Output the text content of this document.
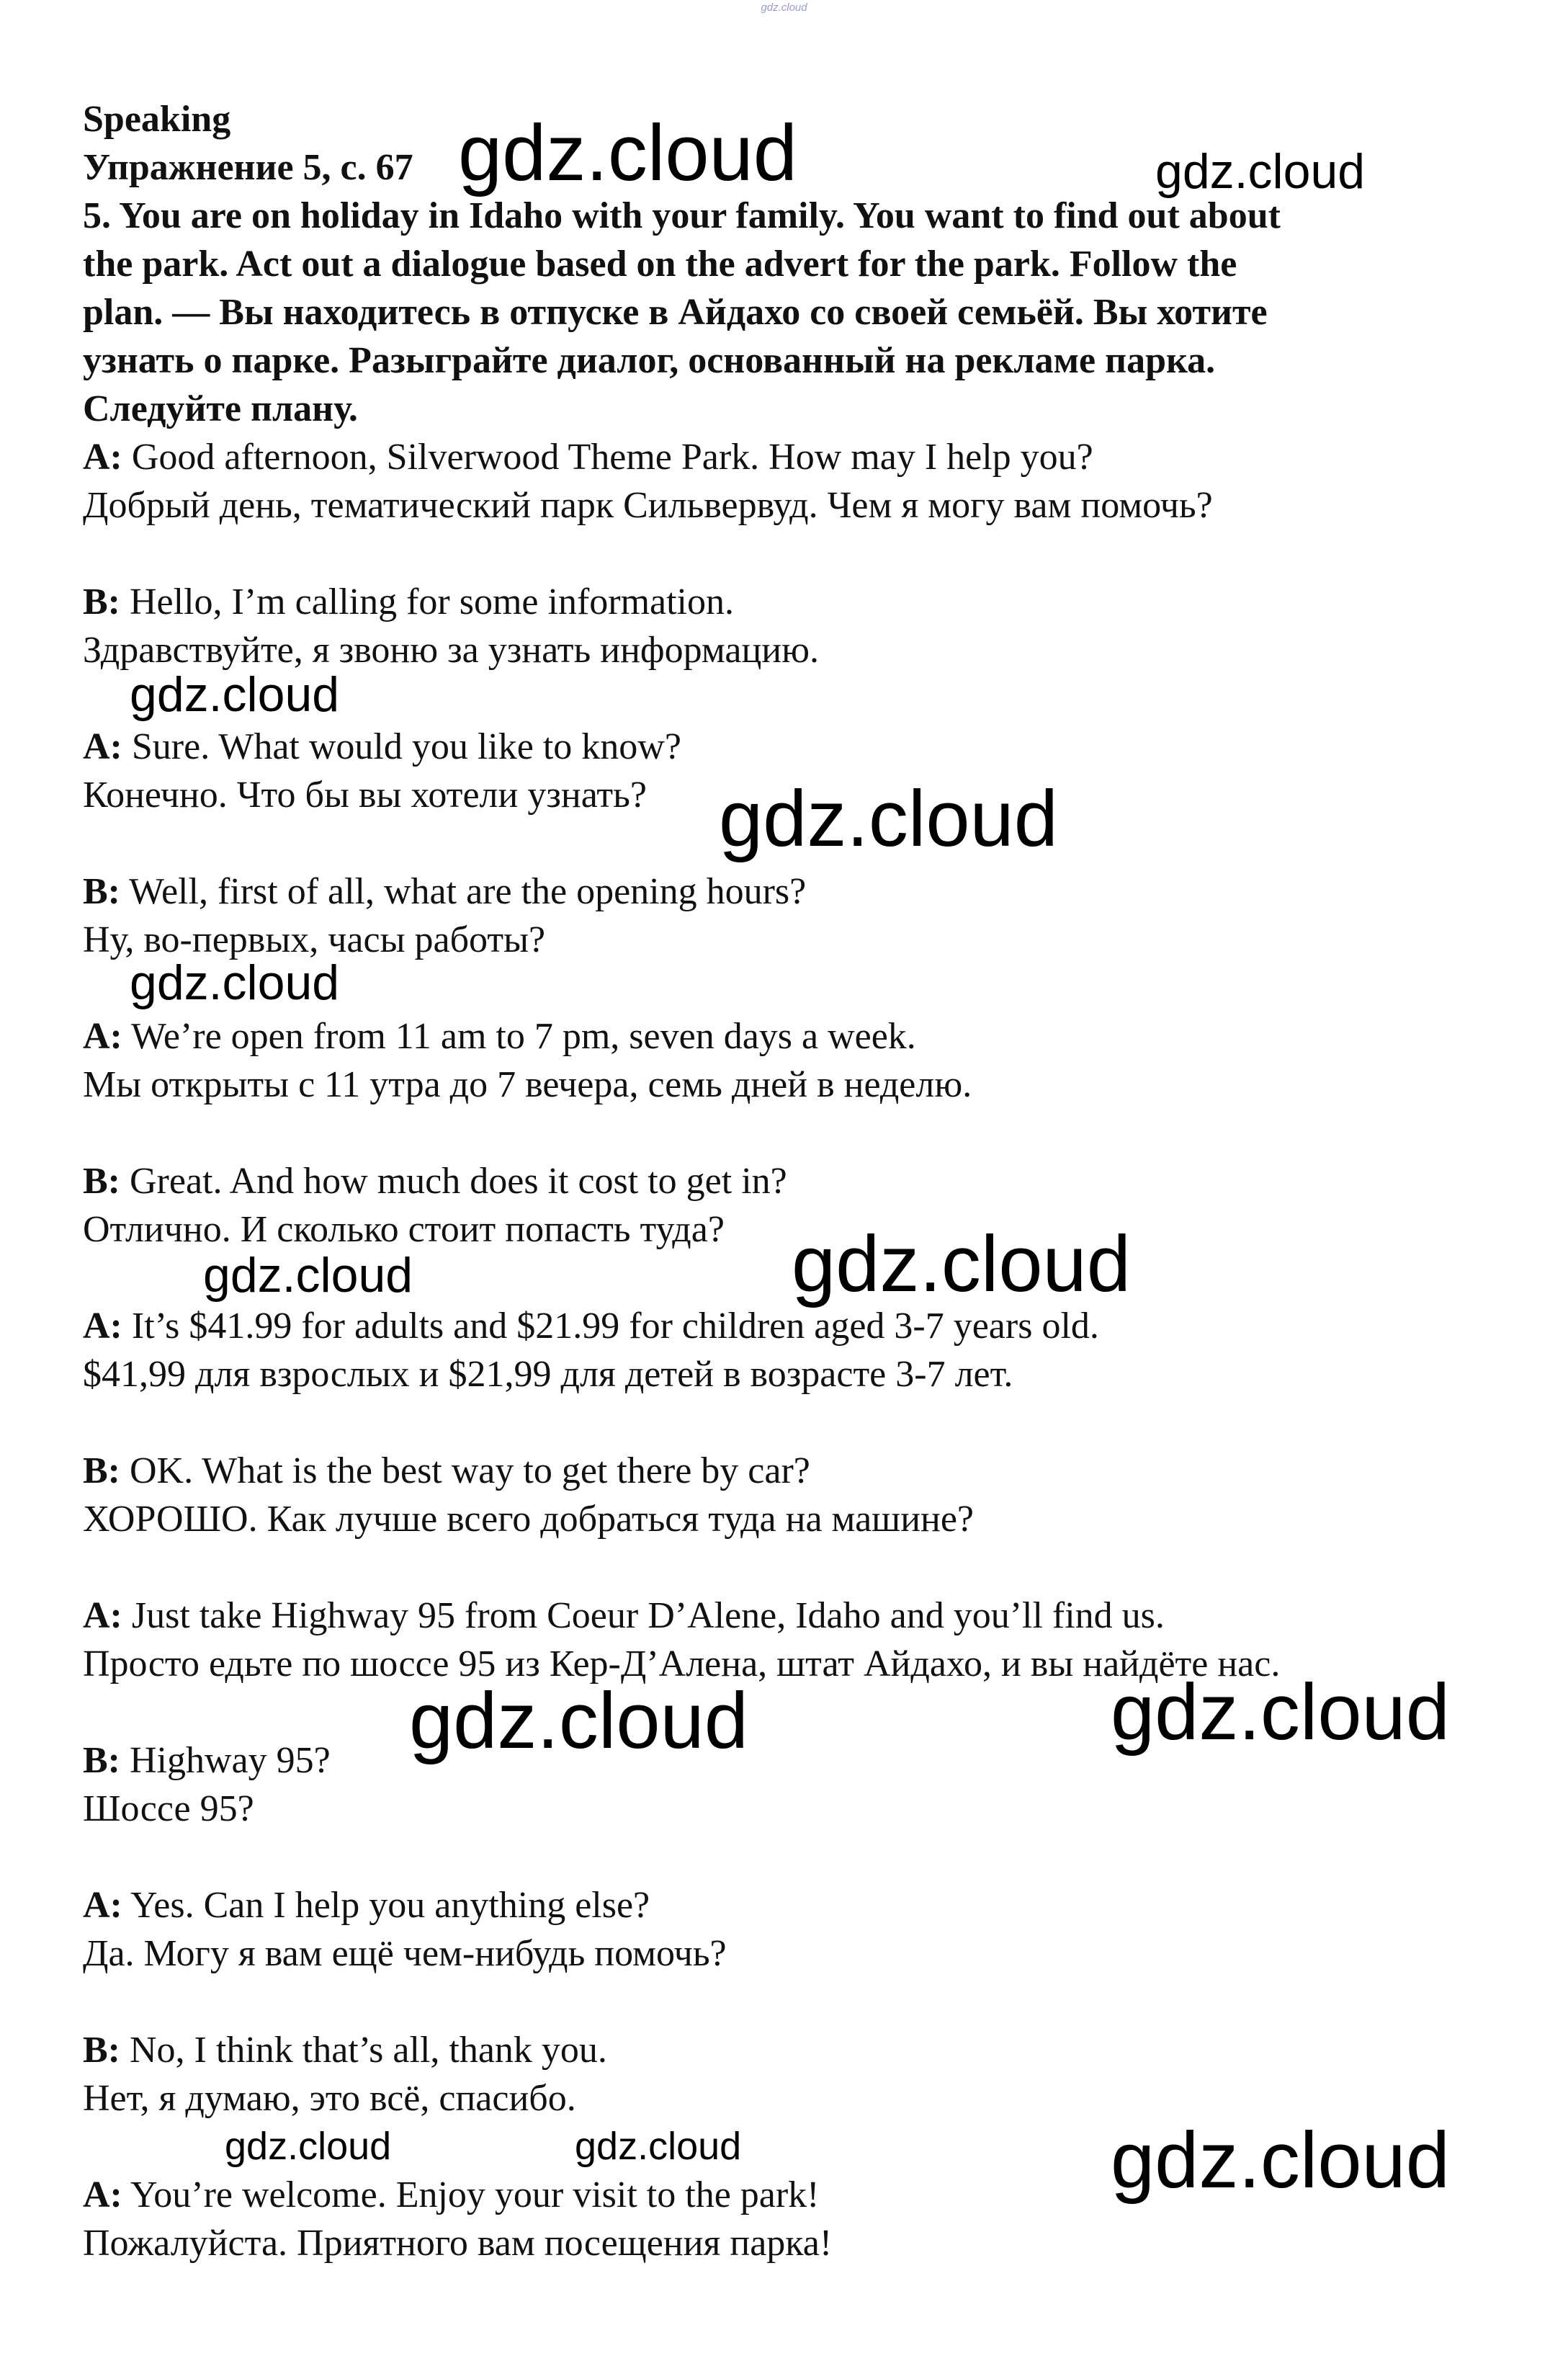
gdz.cloud
Speaking
Упражнение 5, с. 67
5. You are on holiday in Idaho with your family. You want to find out about
the park. Act out a dialogue based on the advert for the park. Follow the
plan. — Вы находитесь в отпуске в Айдахо со своей семьёй. Вы хотите
узнать о парке. Разыграйте диалог, основанный на рекламе парка.
Следуйте плану.
A: Good afternoon, Silverwood Theme Park. How may I help you?
Добрый день, тематический парк Сильвервуд. Чем я могу вам помочь?
B: Hello, I’m calling for some information.
Здравствуйте, я звоню за узнать информацию.
A: Sure. What would you like to know?
Конечно. Что бы вы хотели узнать?
B: Well, first of all, what are the opening hours?
Ну, во-первых, часы работы?
A: We’re open from 11 am to 7 pm, seven days a week.
Мы открыты с 11 утра до 7 вечера, семь дней в неделю.
B: Great. And how much does it cost to get in?
Отлично. И сколько стоит попасть туда?
A: It’s $41.99 for adults and $21.99 for children aged 3-7 years old.
$41,99 для взрослых и $21,99 для детей в возрасте 3-7 лет.
B: OK. What is the best way to get there by car?
ХОРОШО. Как лучше всего добраться туда на машине?
A: Just take Highway 95 from Coeur D’Alene, Idaho and you’ll find us.
Просто едьте по шоссе 95 из Кер-Д’Алена, штат Айдахо, и вы найдёте нас.
B: Highway 95?
Шоссе 95?
A: Yes. Can I help you anything else?
Да. Могу я вам ещё чем-нибудь помочь?
B: No, I think that’s all, thank you.
Нет, я думаю, это всё, спасибо.
A: You’re welcome. Enjoy your visit to the park!
Пожалуйста. Приятного вам посещения парка!
gdz.cloud	gdz.cloud
gdz.cloud
gdz.cloud
gdz.cloud
gdz.cloud	gdz.cloud
gdz.cloud	gdz.cloud
gdz.cloud	gdz.cloud	gdz.cloud
